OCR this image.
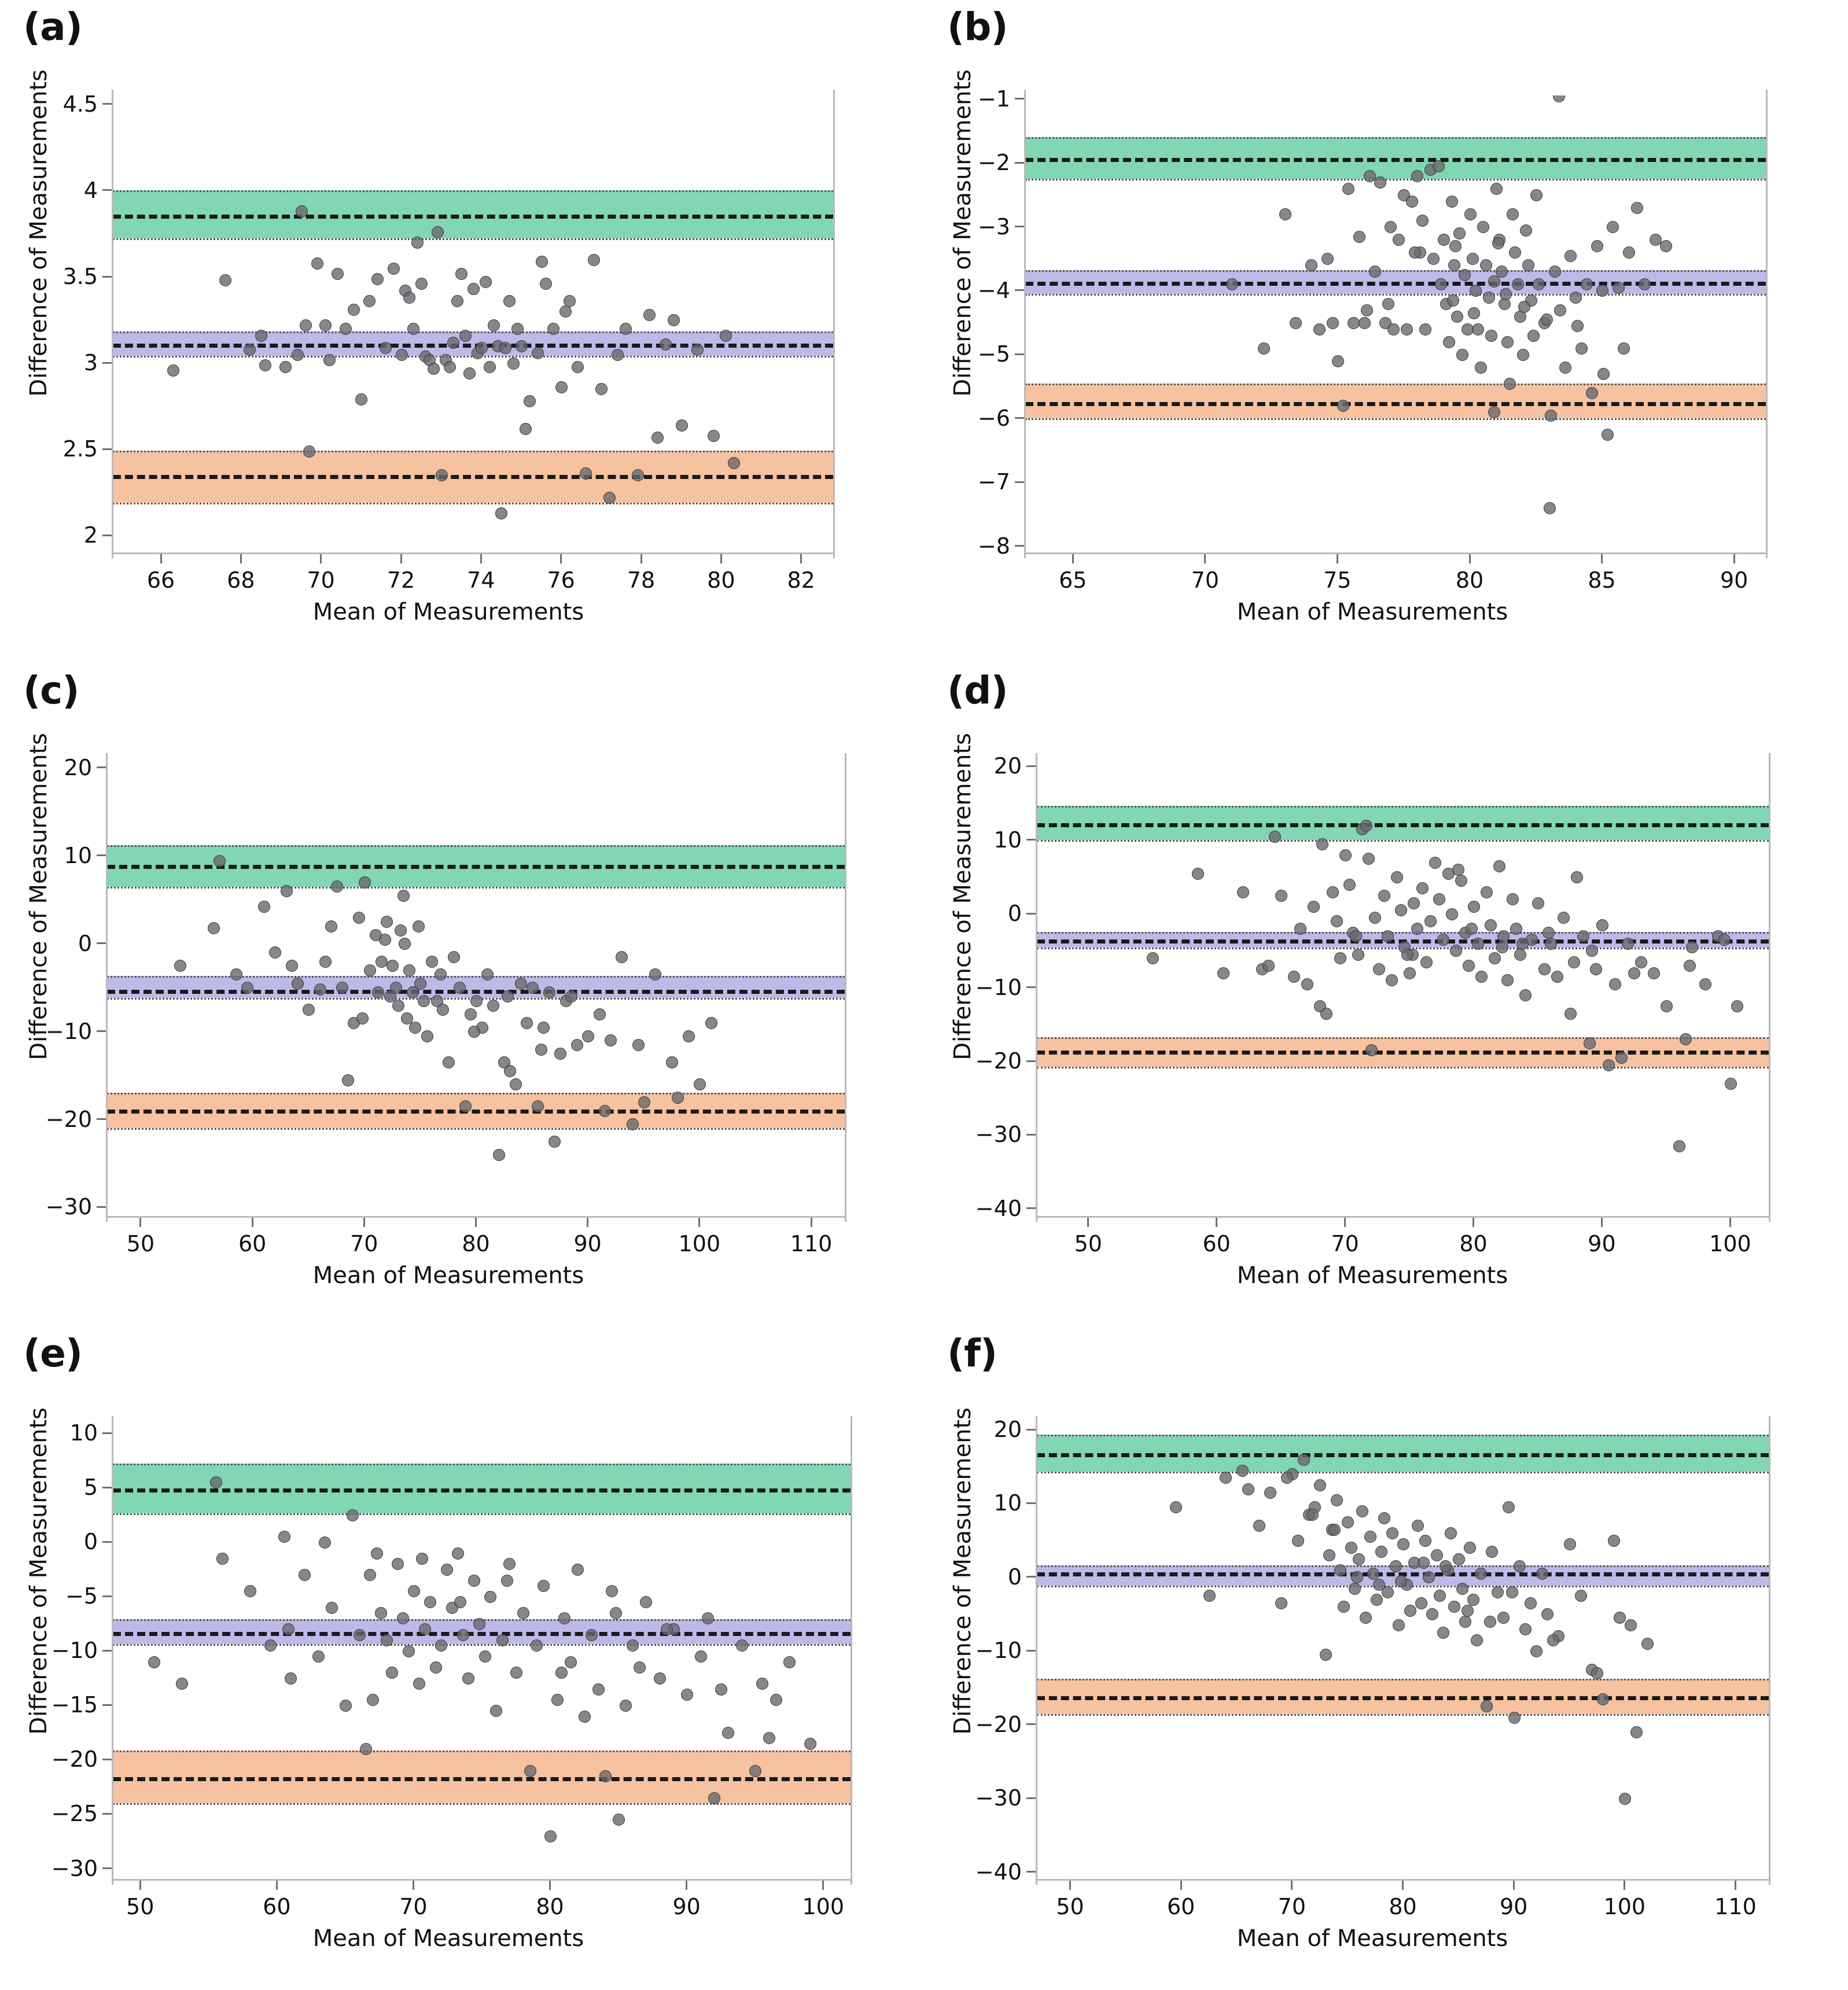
(a)
Difference of Measurements
Mean of Measurements
2
2.5
3
3.5
4
4.5
66	68	70	72	74	76	78	80	82
(b)
Difference of Measurements
Mean of Measurements
−8
−7
−6
−5
−4
−3
−2
−1
65	70	75	80	85	90
(c)
Difference of Measurements
Mean of Measurements
−30
−20
−10
0
10
20
50	60	70	80	90	100	110
(d)
Difference of Measurements
Mean of Measurements
−40
−30
−20
−10
0
10
20
50	60	70	80	90	100
(e)
Difference of Measurements
Mean of Measurements
−30
−25
−20
−15
−10
−5
0
5
10
50	60	70	80	90	100
(f)
Difference of Measurements
Mean of Measurements
−40
−30
−20
−10
0
10
20
50	60	70	80	90	100	110
